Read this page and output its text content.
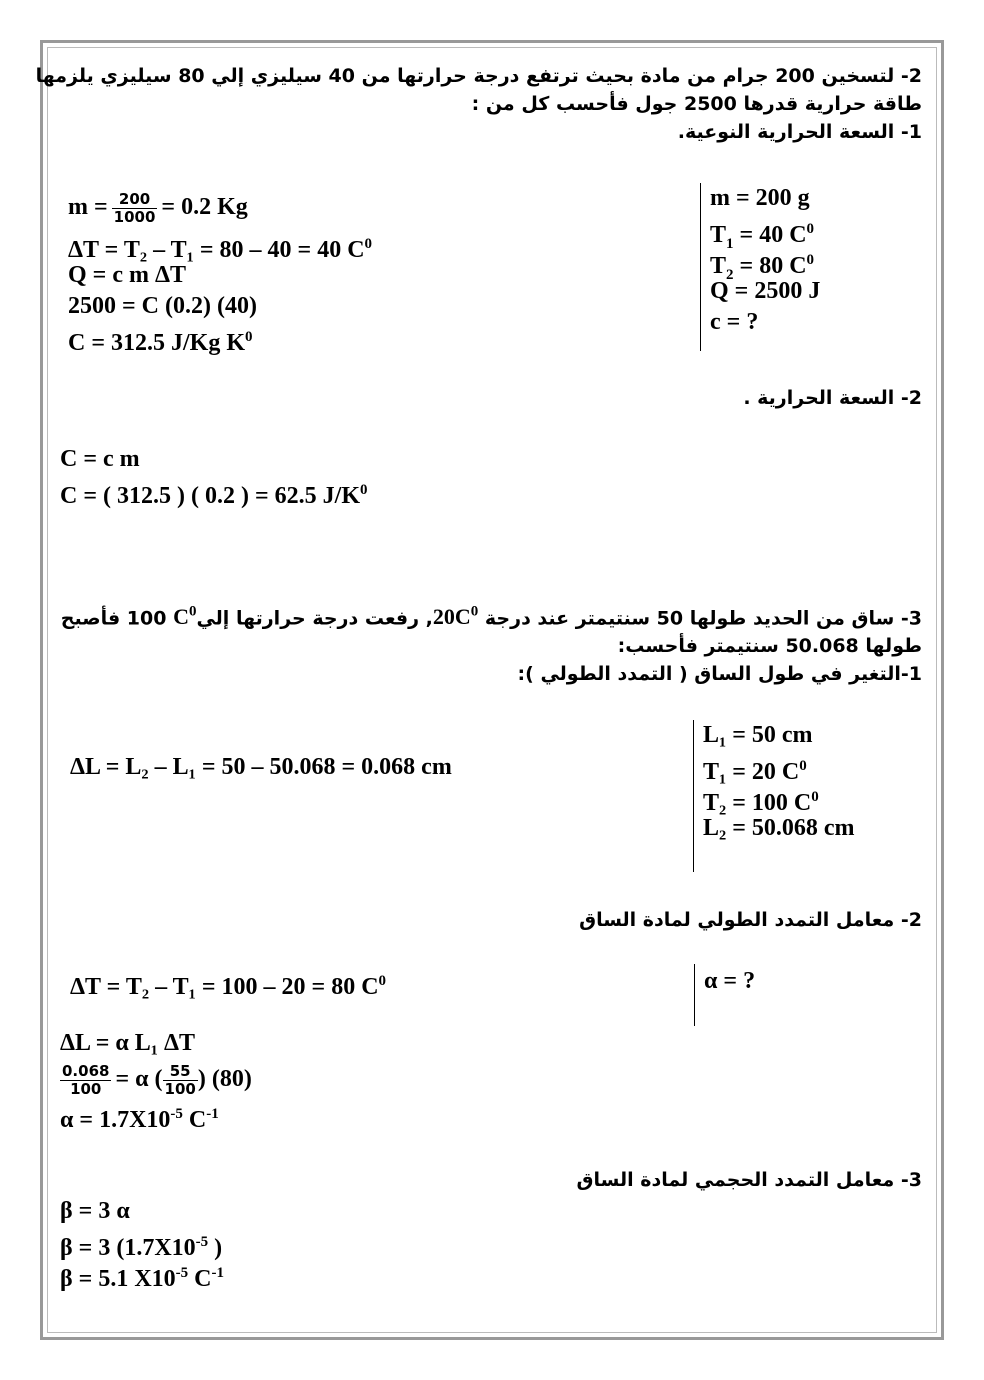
2- لتسخين 200 جرام من مادة بحيث ترتفع درجة حرارتها من 40 سيليزي إلي 80 سيليزي يلزمها
طاقة حرارية قدرها 2500 جول فأحسب كل من :
1- السعة الحرارية النوعية.
m = 200 g
$T_1 = 40$ $C^0$
$T_2 = 80$ $C^0$
Q = 2500 J
c = ?
$m = \frac{200}{1000} = 0.2$ Kg
ΔT = T₂ – T₁ = 80 – 40 = 40 $C^0$
Q = c m ΔT
2500 = C (0.2) (40)
C = 312.5 J/Kg $K^0$
2- السعة الحرارية .
C = c m
C = ( 312.5 ) ( 0.2 ) = 62.5 $J/K^0$
3- ساق من الحديد طولها 50 سنتيمتر عند درجة $20C^0$, رفعت درجة حرارتها إليC$^0$ 100 فأصبح
طولها 50.068 سنتيمتر فأحسب:
1-التغير في طول الساق ( التمدد الطولي ):
L₁ = 50 cm
T₁ = 20 $C^0$
T₂ = 100 $C^0$
L₂ = 50.068 cm
ΔL = L₂ – L₁ = 50 – 50.068 = 0.068 cm
2- معامل التمدد الطولي لمادة الساق
ΔT = T₂ – T₁ = 100 – 20 = 80 $C^0$	α = ?
ΔL = α L₁ ΔT
$\frac{0.068}{100} = \alpha$ ( $\frac{55}{100}$ ) (80)
$\alpha = 1.7X10^{-5}$ $C^{-1}$
3- معامل التمدد الحجمي لمادة الساق
β = 3 α
β = 3 ($1.7X10^{-5}$ )
β = 5.1 $X10^{-5}$ $C^{-1}$
